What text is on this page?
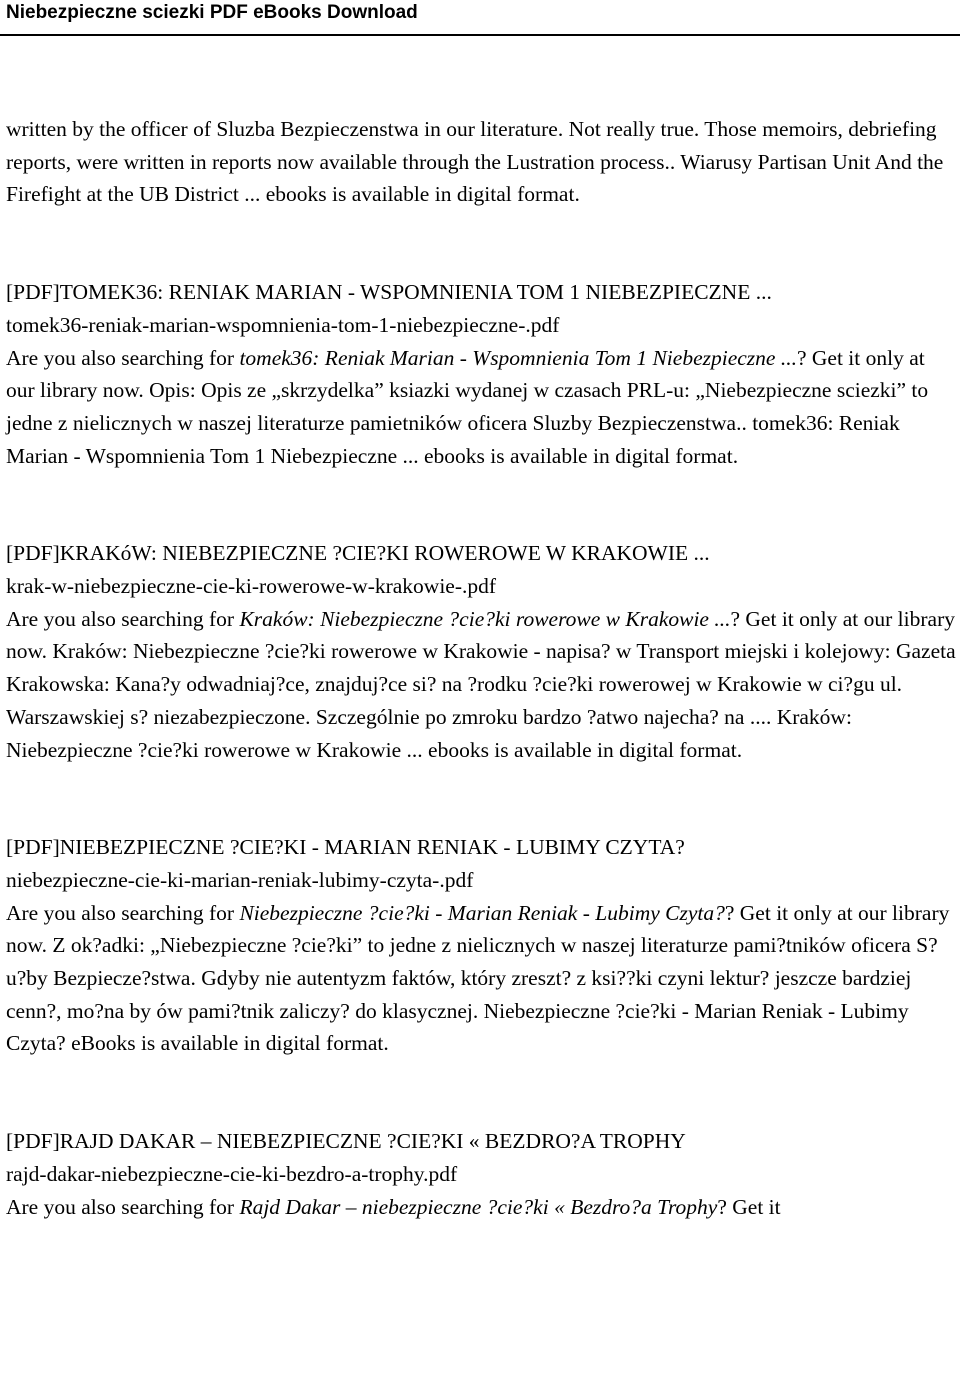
Niebezpieczne sciezki PDF eBooks Download

written by the officer of Sluzba Bezpieczenstwa in our literature. Not really true. Those memoirs, debriefing reports, were written in reports now available through the Lustration process.. Wiarusy Partisan Unit And the Firefight at the UB District ... ebooks is available in digital format.

[PDF]TOMEK36: RENIAK MARIAN - WSPOMNIENIA TOM 1 NIEBEZPIECZNE ...

tomek36-reniak-marian-wspomnienia-tom-1-niebezpieczne-.pdf

Are you also searching for tomek36: Reniak Marian - Wspomnienia Tom 1 Niebezpieczne ...? Get it only at our library now. Opis: Opis ze „skrzydelka” ksiazki wydanej w czasach PRL-u: „Niebezpieczne sciezki” to jedne z nielicznych w naszej literaturze pamietników oficera Sluzby Bezpieczenstwa.. tomek36: Reniak Marian - Wspomnienia Tom 1 Niebezpieczne ... ebooks is available in digital format.

[PDF]KRAKóW: NIEBEZPIECZNE ?CIE?KI ROWEROWE W KRAKOWIE ...

krak-w-niebezpieczne-cie-ki-rowerowe-w-krakowie-.pdf

Are you also searching for Kraków: Niebezpieczne ?cie?ki rowerowe w Krakowie ...? Get it only at our library now. Kraków: Niebezpieczne ?cie?ki rowerowe w Krakowie - napisa? w Transport miejski i kolejowy: Gazeta Krakowska: Kana?y odwadniaj?ce, znajduj?ce si? na ?rodku ?cie?ki rowerowej w Krakowie w ci?gu ul. Warszawskiej s? niezabezpieczone. Szczególnie po zmroku bardzo ?atwo najecha? na .... Kraków: Niebezpieczne ?cie?ki rowerowe w Krakowie ... ebooks is available in digital format.

[PDF]NIEBEZPIECZNE ?CIE?KI - MARIAN RENIAK - LUBIMY CZYTA?

niebezpieczne-cie-ki-marian-reniak-lubimy-czyta-.pdf

Are you also searching for Niebezpieczne ?cie?ki - Marian Reniak - Lubimy Czyta?? Get it only at our library now. Z ok?adki: „Niebezpieczne ?cie?ki” to jedne z nielicznych w naszej literaturze pami?tników oficera S?u?by Bezpiecze?stwa. Gdyby nie autentyzm faktów, który zreszt? z ksi??ki czyni lektur? jeszcze bardziej cenn?, mo?na by ów pami?tnik zaliczy? do klasycznej. Niebezpieczne ?cie?ki - Marian Reniak - Lubimy Czyta? eBooks is available in digital format.

[PDF]RAJD DAKAR – NIEBEZPIECZNE ?CIE?KI « BEZDRO?A TROPHY

rajd-dakar-niebezpieczne-cie-ki-bezdro-a-trophy.pdf

Are you also searching for Rajd Dakar – niebezpieczne ?cie?ki « Bezdro?a Trophy? Get it
